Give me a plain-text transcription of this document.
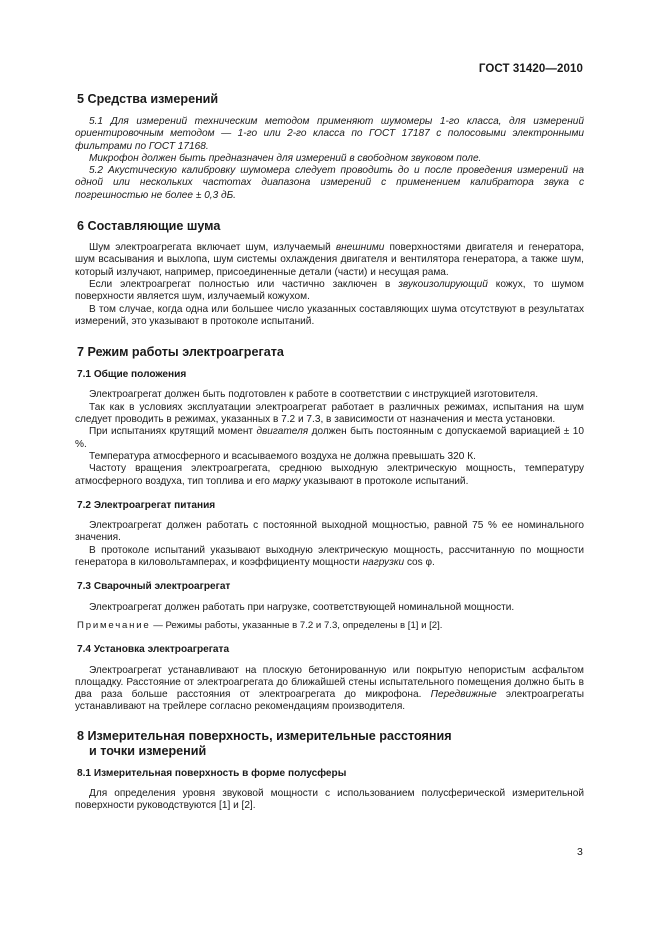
ГОСТ 31420—2010
5 Средства измерений

5.1 Для измерений техническим методом применяют шумомеры 1-го класса, для измерений ориентировочным методом — 1-го или 2-го класса по ГОСТ 17187 с полосовыми электронными фильтрами по ГОСТ 17168.

Микрофон должен быть предназначен для измерений в свободном звуковом поле.

5.2 Акустическую калибровку шумомера следует проводить до и после проведения измерений на одной или нескольких частотах диапазона измерений с применением калибратора звука с погрешностью не более ± 0,3 дБ.

6 Составляющие шума

Шум электроагрегата включает шум, излучаемый внешними поверхностями двигателя и генератора, шум всасывания и выхлопа, шум системы охлаждения двигателя и вентилятора генератора, а также шум, который излучают, например, присоединенные детали (части) и несущая рама.

Если электроагрегат полностью или частично заключен в звукоизолирующий кожух, то шумом поверхности является шум, излучаемый кожухом.

В том случае, когда одна или большее число указанных составляющих шума отсутствуют в результатах измерений, это указывают в протоколе испытаний.

7 Режим работы электроагрегата
7.1 Общие положения

Электроагрегат должен быть подготовлен к работе в соответствии с инструкцией изготовителя.

Так как в условиях эксплуатации электроагрегат работает в различных режимах, испытания на шум следует проводить в режимах, указанных в 7.2 и 7.3, в зависимости от назначения и места установки.

При испытаниях крутящий момент двигателя должен быть постоянным с допускаемой вариацией ± 10 %.

Температура атмосферного и всасываемого воздуха не должна превышать 320 К.

Частоту вращения электроагрегата, среднюю выходную электрическую мощность, температуру атмосферного воздуха, тип топлива и его марку указывают в протоколе испытаний.

7.2 Электроагрегат питания

Электроагрегат должен работать с постоянной выходной мощностью, равной 75 % ее номинального значения.

В протоколе испытаний указывают выходную электрическую мощность, рассчитанную по мощности генератора в киловольтамперах, и коэффициенту мощности нагрузки cos φ.

7.3 Сварочный электроагрегат

Электроагрегат должен работать при нагрузке, соответствующей номинальной мощности.

Примечание — Режимы работы, указанные в 7.2 и 7.3, определены в [1] и [2].

7.4 Установка электроагрегата

Электроагрегат устанавливают на плоскую бетонированную или покрытую непористым асфальтом площадку. Расстояние от электроагрегата до ближайшей стены испытательного помещения должно быть в два раза больше расстояния от электроагрегата до микрофона. Передвижные электроагрегаты устанавливают на трейлере согласно рекомендациям производителя.

8 Измерительная поверхность, измерительные расстояния
и точки измерений
8.1 Измерительная поверхность в форме полусферы

Для определения уровня звуковой мощности с использованием полусферической измерительной поверхности руководствуются [1] и [2].

3
